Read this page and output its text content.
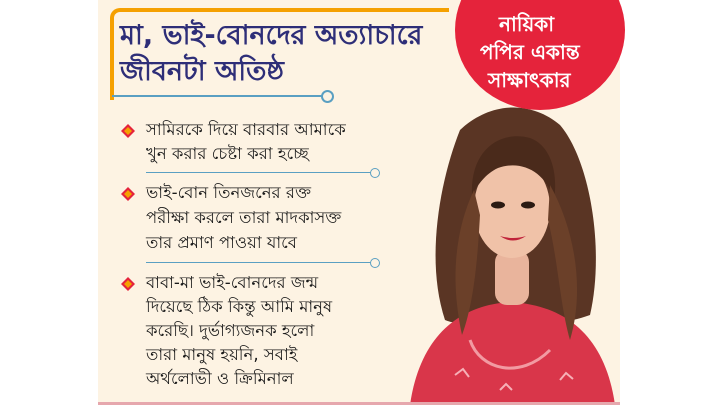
মা, ভাই-বোনদের অত্যাচারে
জীবনটা অতিষ্ঠ
নায়িকা
পপির একান্ত
সাক্ষাৎকার
সামিরকে দিয়ে বারবার আমাকে
খুন করার চেষ্টা করা হচ্ছে
ভাই-বোন তিনজনের রক্ত
পরীক্ষা করলে তারা মাদকাসক্ত
তার প্রমাণ পাওয়া যাবে
বাবা-মা ভাই-বোনদের জন্ম
দিয়েছে ঠিক কিন্তু আমি মানুষ
করেছি। দুর্ভাগ্যজনক হলো
তারা মানুষ হয়নি, সবাই
অর্থলোভী ও ক্রিমিনাল
